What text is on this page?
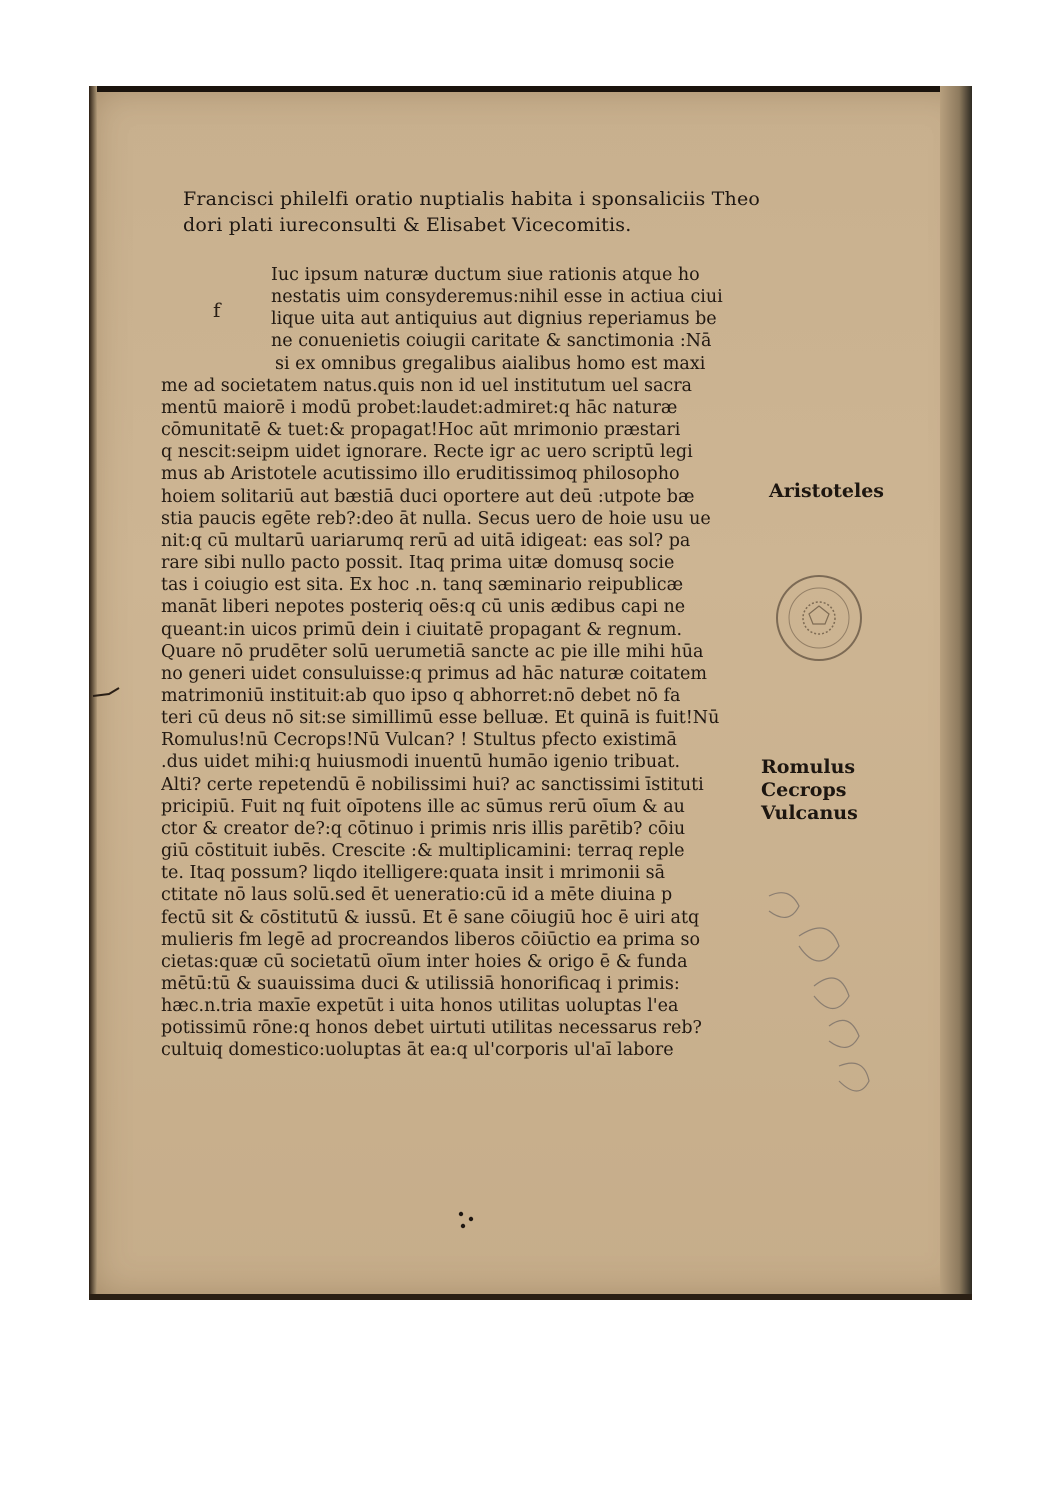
Francisci philelfi oratio nuptialis habita i sponsaliciis Theo
dori plati iureconsulti & Elisabet Vicecomitis.
f
Iuc ipsum naturæ ductum siue rationis atque ho
nestatis uim consyderemus:nihil esse in actiua ciui
lique uita aut antiquius aut dignius reperiamus be
ne conuenietis coiugii caritate & sanctimonia :Nā
si ex omnibus gregalibus aialibus homo est maxi
me ad societatem natus.quis non id uel institutum uel sacra
mentū maiorē i modū probet:laudet:admiret:q hāc naturæ
cōmunitatē & tuet:& propagat!Hoc aūt mrimonio præstari
q nescit:seipm uidet ignorare. Recte igr ac uero scriptū legi
mus ab Aristotele acutissimo illo eruditissimoq philosopho
hoiem solitariū aut bæstiā duci oportere aut deū :utpote bæ
stia paucis egēte reb?:deo āt nulla. Secus uero de hoie usu ue
nit:q cū multarū uariarumq rerū ad uitā idigeat: eas sol? pa
rare sibi nullo pacto possit. Itaq prima uitæ domusq socie
tas i coiugio est sita. Ex hoc .n. tanq sæminario reipublicæ
manāt liberi nepotes posteriq oēs:q cū unis ædibus capi ne
queant:in uicos primū dein i ciuitatē propagant & regnum.
Quare nō prudēter solū uerumetiā sancte ac pie ille mihi hūa
no generi uidet consuluisse:q primus ad hāc naturæ coitatem
matrimoniū instituit:ab quo ipso q abhorret:nō debet nō fa
teri cū deus nō sit:se simillimū esse belluæ. Et quinā is fuit!Nū
Romulus!nū Cecrops!Nū Vulcan? ! Stultus pfecto existimā
.dus uidet mihi:q huiusmodi inuentū humāo igenio tribuat.
Alti? certe repetendū ē nobilissimi hui? ac sanctissimi īstituti
pricipiū. Fuit nq fuit oīpotens ille ac sūmus rerū oīum & au
ctor & creator de?:q cōtinuo i primis nris illis parētib? cōiu
giū cōstituit iubēs. Crescite :& multiplicamini: terraq reple
te. Itaq possum? liqdo itelligere:quata insit i mrimonii sā
ctitate nō laus solū.sed ēt ueneratio:cū id a mēte diuina p
fectū sit & cōstitutū & iussū. Et ē sane cōiugiū hoc ē uiri atq
mulieris fm legē ad procreandos liberos cōiūctio ea prima so
cietas:quæ cū societatū oīum inter hoies & origo ē & funda
mētū:tū & suauissima duci & utilissiā honorificaq i primis:
hæc.n.tria maxīe expetūt i uita honos utilitas uoluptas l'ea
potissimū rōne:q honos debet uirtuti utilitas necessarus reb?
cultuiq domestico:uoluptas āt ea:q ul'corporis ul'aī labore
Aristoteles
Romulus
Cecrops
Vulcanus
